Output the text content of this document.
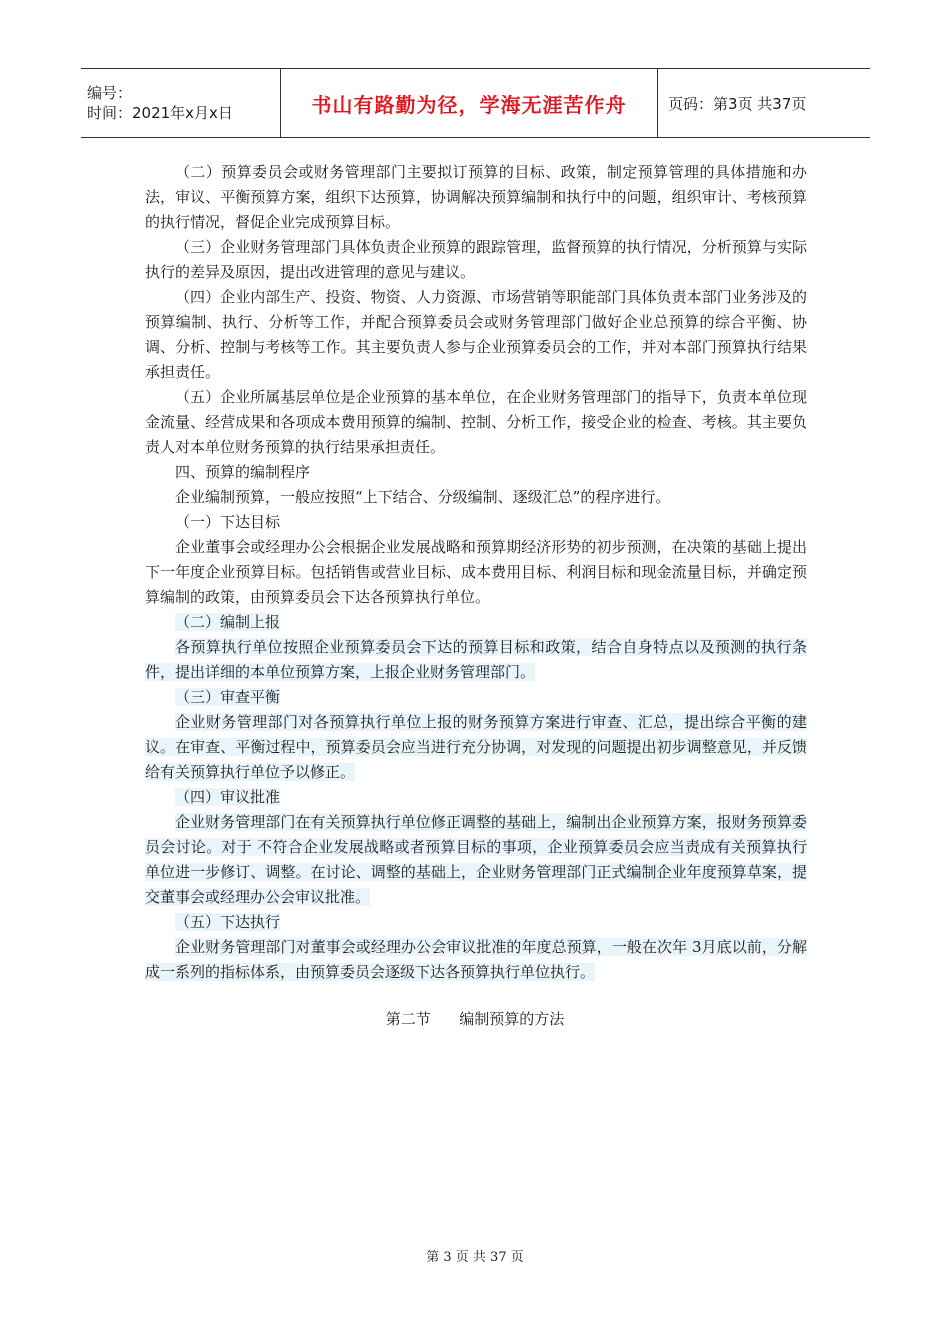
编号：
时间：2021年x月x日	书山有路勤为径，学海无涯苦作舟	页码：第3页 共37页

（二）预算委员会或财务管理部门主要拟订预算的目标、政策，制定预算管理的具体措施和办法，审议、平衡预算方案，组织下达预算，协调解决预算编制和执行中的问题，组织审计、考核预算的执行情况，督促企业完成预算目标。

（三）企业财务管理部门具体负责企业预算的跟踪管理，监督预算的执行情况，分析预算与实际执行的差异及原因，提出改进管理的意见与建议。

（四）企业内部生产、投资、物资、人力资源、市场营销等职能部门具体负责本部门业务涉及的预算编制、执行、分析等工作，并配合预算委员会或财务管理部门做好企业总预算的综合平衡、协调、分析、控制与考核等工作。其主要负责人参与企业预算委员会的工作，并对本部门预算执行结果承担责任。

（五）企业所属基层单位是企业预算的基本单位，在企业财务管理部门的指导下，负责本单位现金流量、经营成果和各项成本费用预算的编制、控制、分析工作，接受企业的检查、考核。其主要负责人对本单位财务预算的执行结果承担责任。

四、预算的编制程序

企业编制预算，一般应按照“上下结合、分级编制、逐级汇总”的程序进行。

（一）下达目标

企业董事会或经理办公会根据企业发展战略和预算期经济形势的初步预测，在决策的基础上提出下一年度企业预算目标。包括销售或营业目标、成本费用目标、利润目标和现金流量目标，并确定预算编制的政策，由预算委员会下达各预算执行单位。

（二）编制上报

各预算执行单位按照企业预算委员会下达的预算目标和政策，结合自身特点以及预测的执行条件，提出详细的本单位预算方案，上报企业财务管理部门。

（三）审查平衡

企业财务管理部门对各预算执行单位上报的财务预算方案进行审查、汇总，提出综合平衡的建议。在审查、平衡过程中，预算委员会应当进行充分协调，对发现的问题提出初步调整意见，并反馈给有关预算执行单位予以修正。

（四）审议批准

企业财务管理部门在有关预算执行单位修正调整的基础上，编制出企业预算方案，报财务预算委员会讨论。对于 不符合企业发展战略或者预算目标的事项，企业预算委员会应当责成有关预算执行单位进一步修订、调整。在讨论、调整的基础上，企业财务管理部门正式编制企业年度预算草案，提交董事会或经理办公会审议批准。

（五）下达执行

企业财务管理部门对董事会或经理办公会审议批准的年度总预算，一般在次年 3月底以前，分解成一系列的指标体系，由预算委员会逐级下达各预算执行单位执行。

第二节      编制预算的方法
第 3 页 共 37 页
